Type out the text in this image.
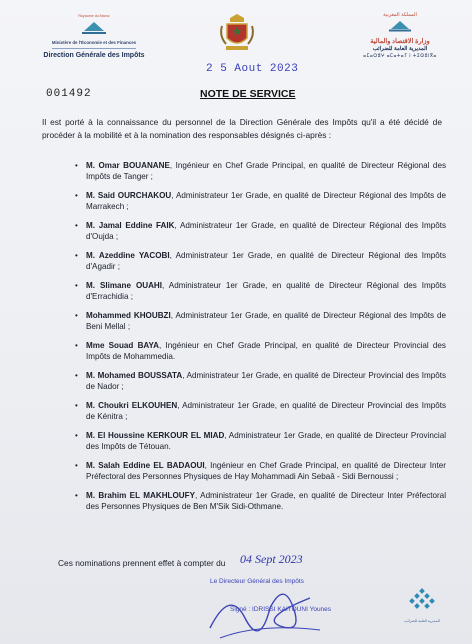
Royaume du Maroc
Ministère de l'Économie et des Finances
Direction Générale des Impôts
المملكة المغربية
وزارة الاقتصاد والمالية
المديرية العامة للضرائب
ⴰⵎⴰⵔⵓⵖ ⴰⵎⴰⵜⴰⵢ ⵏ ⵜⵉⵙⵓⵏⴳⴰ
2 5 Aout 2023
001492	NOTE DE SERVICE
Il est porté à la connaissance du personnel de la Direction Générale des Impôts qu'il a été décidé de procéder à la mobilité et à la nomination des responsables désignés ci-après :
• M. Omar BOUANANE, Ingénieur en Chef Grade Principal, en qualité de Directeur Régional des Impôts de Tanger ;
• M. Said OURCHAKOU, Administrateur 1er Grade, en qualité de Directeur Régional des Impôts de Marrakech ;
• M. Jamal Eddine FAIK, Administrateur 1er Grade, en qualité de Directeur Régional des Impôts d'Oujda ;
• M. Azeddine YACOBI, Administrateur 1er Grade, en qualité de Directeur Régional des Impôts d'Agadir ;
• M. Slimane OUAHI, Administrateur 1er Grade, en qualité de Directeur Régional des Impôts d'Errachidia ;
• Mohammed KHOUBZI, Administrateur 1er Grade, en qualité de Directeur Régional des Impôts de Beni Mellal ;
• Mme Souad BAYA, Ingénieur en Chef Grade Principal, en qualité de Directeur Provincial des Impôts de Mohammedia.
• M. Mohamed BOUSSATA, Administrateur 1er Grade, en qualité de Directeur Provincial des Impôts de Nador ;
• M. Choukri ELKOUHEN, Administrateur 1er Grade, en qualité de Directeur Provincial des Impôts de Kénitra ;
• M. El Houssine KERKOUR EL MIAD, Administrateur 1er Grade, en qualité de Directeur Provincial des Impôts de Tétouan.
• M. Salah Eddine EL BADAOUI, Ingénieur en Chef Grade Principal, en qualité de Directeur Inter Préfectoral des Personnes Physiques de Hay Mohammadi Ain Sebaâ - Sidi Bernoussi ;
• M. Brahim EL MAKHLOUFY, Administrateur 1er Grade, en qualité de Directeur Inter Préfectoral des Personnes Physiques de Ben M'Sik Sidi-Othmane.
Ces nominations prennent effet à compter du 04 Sept 2023
Le Directeur Général des Impôts
Signé : IDRISSI KAITOUNI Younes
المديرية العامة للضرائب
